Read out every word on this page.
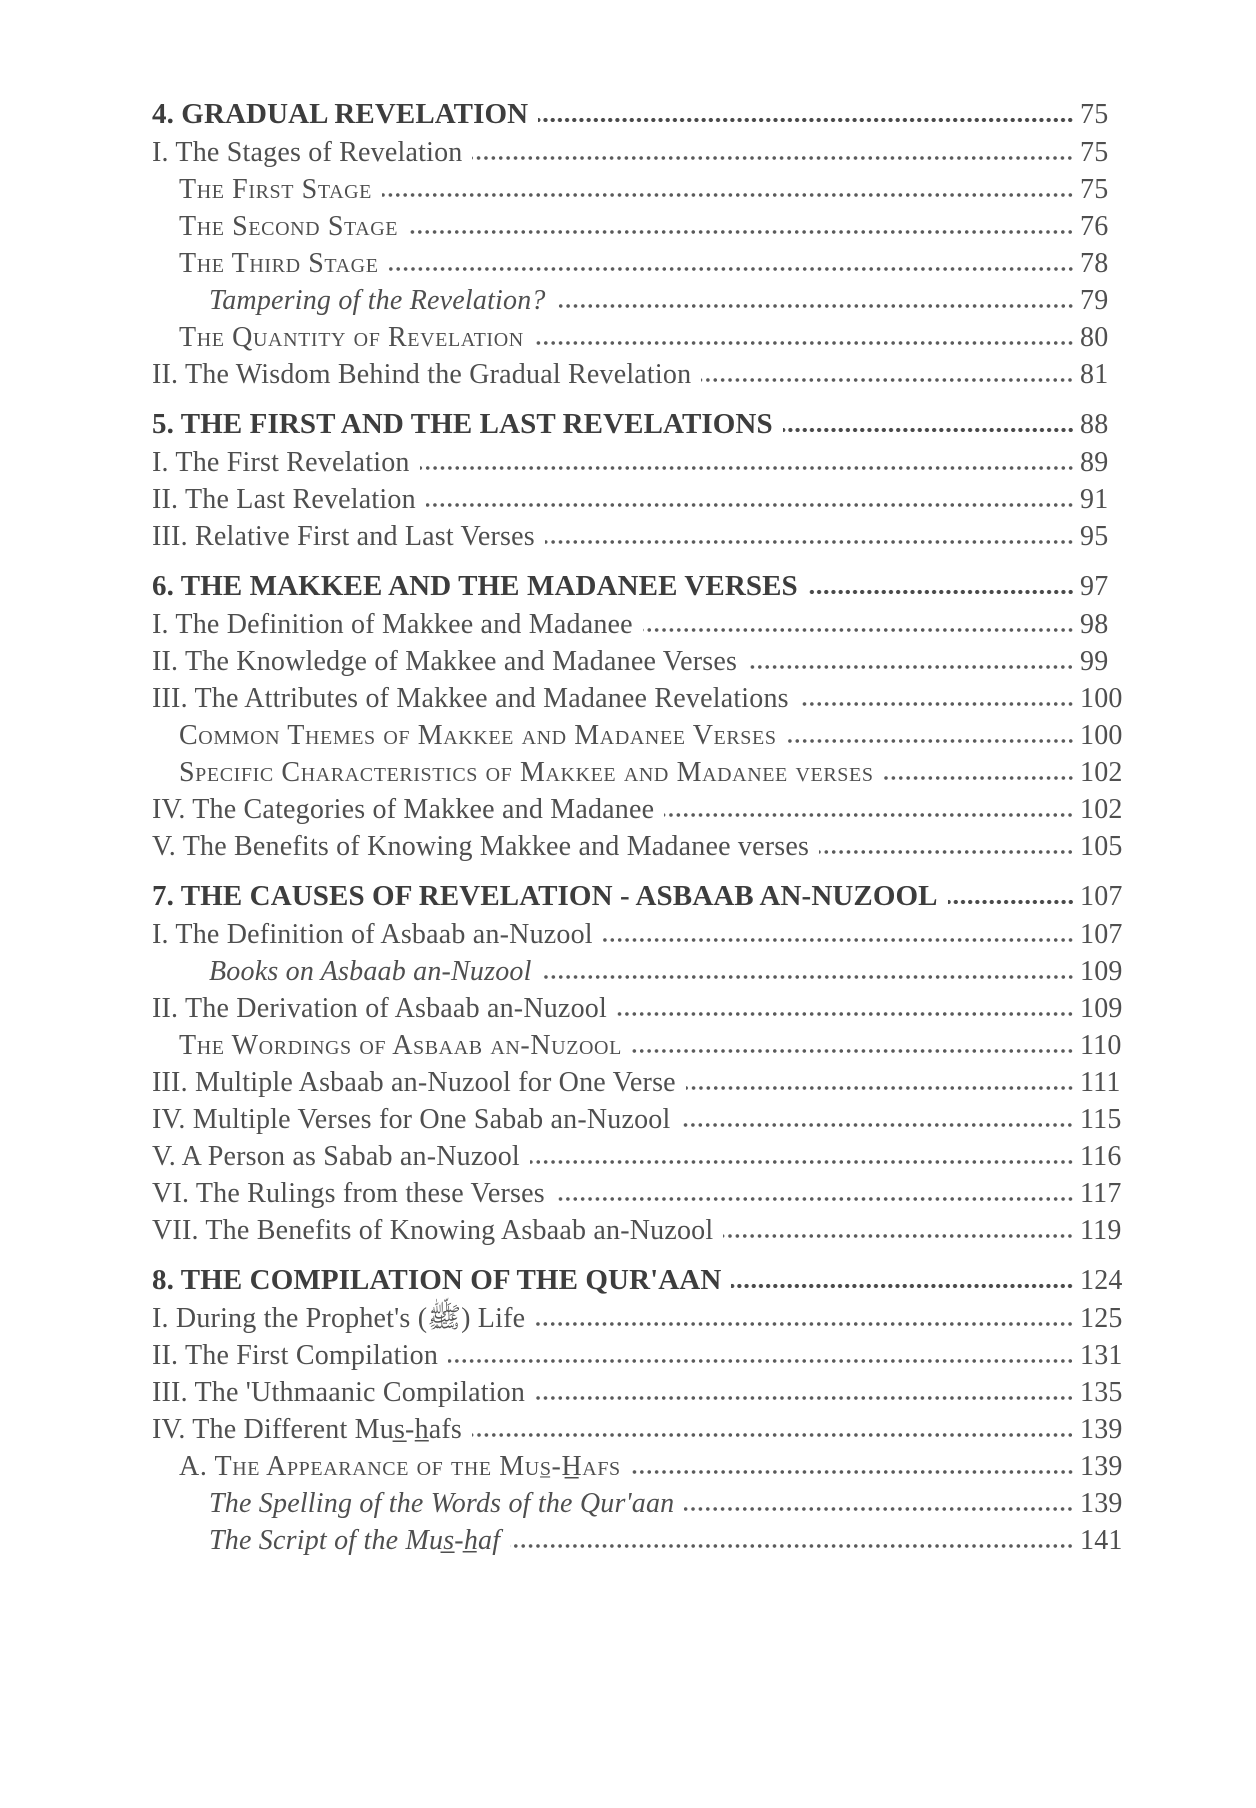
4. GRADUAL REVELATION	75
I. The Stages of Revelation	75
The First Stage	75
The Second Stage	76
The Third Stage	78
Tampering of the Revelation?	79
The Quantity of Revelation	80
II. The Wisdom Behind the Gradual Revelation	81
5. THE FIRST AND THE LAST REVELATIONS	88
I. The First Revelation	89
II. The Last Revelation	91
III. Relative First and Last Verses	95
6. THE MAKKEE AND THE MADANEE VERSES	97
I. The Definition of Makkee and Madanee	98
II. The Knowledge of Makkee and Madanee Verses	99
III. The Attributes of Makkee and Madanee Revelations	100
Common Themes of Makkee and Madanee Verses	100
Specific Characteristics of Makkee and Madanee verses	102
IV. The Categories of Makkee and Madanee	102
V. The Benefits of Knowing Makkee and Madanee verses	105
7. THE CAUSES OF REVELATION - ASBAAB AN-NUZOOL	107
I. The Definition of Asbaab an-Nuzool	107
Books on Asbaab an-Nuzool	109
II. The Derivation of Asbaab an-Nuzool	109
The Wordings of Asbaab an-Nuzool	110
III. Multiple Asbaab an-Nuzool for One Verse	111
IV. Multiple Verses for One Sabab an-Nuzool	115
V. A Person as Sabab an-Nuzool	116
VI. The Rulings from these Verses	117
VII. The Benefits of Knowing Asbaab an-Nuzool	119
8. THE COMPILATION OF THE QUR'AAN	124
I. During the Prophet's (ﷺ) Life	125
II. The First Compilation	131
III. The 'Uthmaanic Compilation	135
IV. The Different Mus̲-h̲afs	139
A. The Appearance of the Mus̲-H̲afs	139
The Spelling of the Words of the Qur'aan	139
The Script of the Mus̲-h̲af	141
